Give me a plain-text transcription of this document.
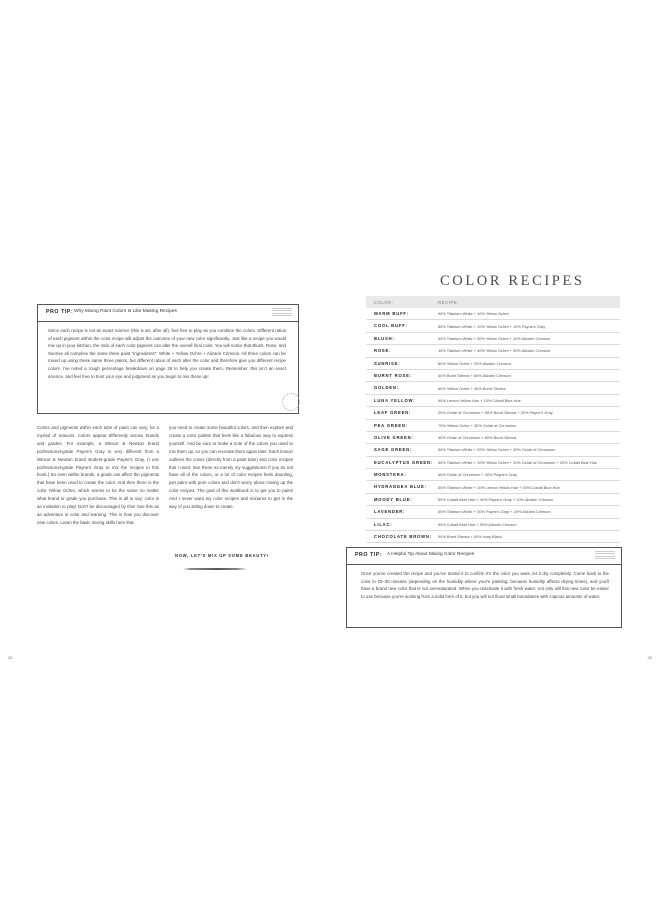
PRO TIP: Why Mixing Paint Colors Is Like Making Recipes
Since each recipe is not an exact science (this is art, after all), feel free to play as you combine the colors. Different ratios of each pigment within the color recipe will adjust the outcome of your new color significantly. Just like a recipe you would mix up in your kitchen, the ratio of each color pigment can alter the overall final color. You will notice that Blush, Rose, and Sunrise all comprise the same three paint "ingredients": White + Yellow Ochre + Alizarin Crimson. All three colors can be mixed up using these same three paints, but different ratios of each alter the color and therefore give you different recipe colors. I've noted a rough percentage breakdown on page 26 to help you create them. Remember, this isn't an exact science, and feel free to trust your eye and judgment as you begin to mix these up!
Colors and pigments within each tube of paint can vary, for a myriad of reasons. Colors appear differently across brands and grades. For example, a Winsor & Newton brand professional-grade Payne's Gray is very different from a Winsor & Newton brand student-grade Payne's Gray. (I use professional-grade Payne's Gray to mix the recipes in this book.) So even within brands, a grade can affect the pigments that have been used to create the color. And then there is the color Yellow Ochre, which seems to be the same no matter what brand or grade you purchase. This is all to say: color is an invitation to play! Don't be discouraged by this! See this as an adventure in color and learning. This is how you discover new colors. Learn the basic mixing skills here that
you need to create some beautiful colors, and then explore and create a color palette that feels like a fabulous way to express yourself. And be sure to make a note of the colors you used to mix them up, so you can recreate them again later. Each lesson outlines the colors (directly from a paint tube) and color recipes that I used. See these as merely my suggestions! If you do not have all of the colors, or a lot of color recipes feels daunting, just paint with pure colors and don't worry about mixing up the color recipes. The goal of this workbook is to get you to paint! And I never want my color recipes and mixtures to get in the way of you sitting down to create.
NOW, LET'S MIX UP SOME BEAUTY!
25
COLOR RECIPES
COLOR:	RECIPE:
WARM BUFF:	90% Titanium White + 10% Yellow Ochre
COOL BUFF:	80% Titanium White + 10% Yellow Ochre + 10% Payne's Gray
BLUSH:	50% Titanium White + 30% Yellow Ochre + 20% Alizarin Crimson
ROSE:	10% Titanium White + 40% Yellow Ochre + 50% Alizarin Crimson
SUNRISE:	80% Yellow Ochre + 20% Alizarin Crimson
BURNT ROSE:	40% Burnt Sienna + 60% Alizarin Crimson
GOLDEN:	60% Yellow Ochre + 40% Burnt Sienna
LUNA YELLOW:	90% Lemon Yellow Hue + 10% Cobalt Blue Hue
LEAF GREEN:	20% Oxide of Chromium + 50% Burnt Sienna + 30% Payne's Gray
PEA GREEN:	70% Yellow Ochre + 30% Oxide of Chromium
OLIVE GREEN:	40% Oxide of Chromium + 60% Burnt Sienna
SAGE GREEN:	50% Titanium White + 20% Yellow Ochre + 30% Oxide of Chromium
EUCALYPTUS GREEN: 50% Titanium White + 10% Yellow Ochre + 20% Oxide of Chromium + 20% Cobalt Blue Hue
MONSTERA:	60% Oxide of Chromium + 40% Payne's Gray
HYDRANGEA BLUE:	50% Titanium White + 10% Lemon Yellow Hue + 40% Cobalt Blue Hue
MOODY BLUE:	50% Cobalt Blue Hue + 40% Payne's Gray + 10% Alizarin Crimson
LAVENDER:	50% Titanium White + 30% Payne's Gray + 20% Alizarin Crimson
LILAC:	50% Cobalt Blue Hue + 50% Alizarin Crimson
CHOCOLATE BROWN: 50% Burnt Sienna + 50% Ivory Black
PRO TIP: A Helpful Tip About Mixing Color Recipes
Once you've created the recipe and you've tested it to confirm it's the color you want, let it dry completely. Come back to the color in 20–30 minutes (depending on the humidity where you're painting, because humidity affects drying times), and you'll have a brand new color that is not oversaturated. When you reactivate it with fresh water, not only will this new color be easier to use because you're working from a solid form of it, but you will not flood small boundaries with copious amounts of water.
26
